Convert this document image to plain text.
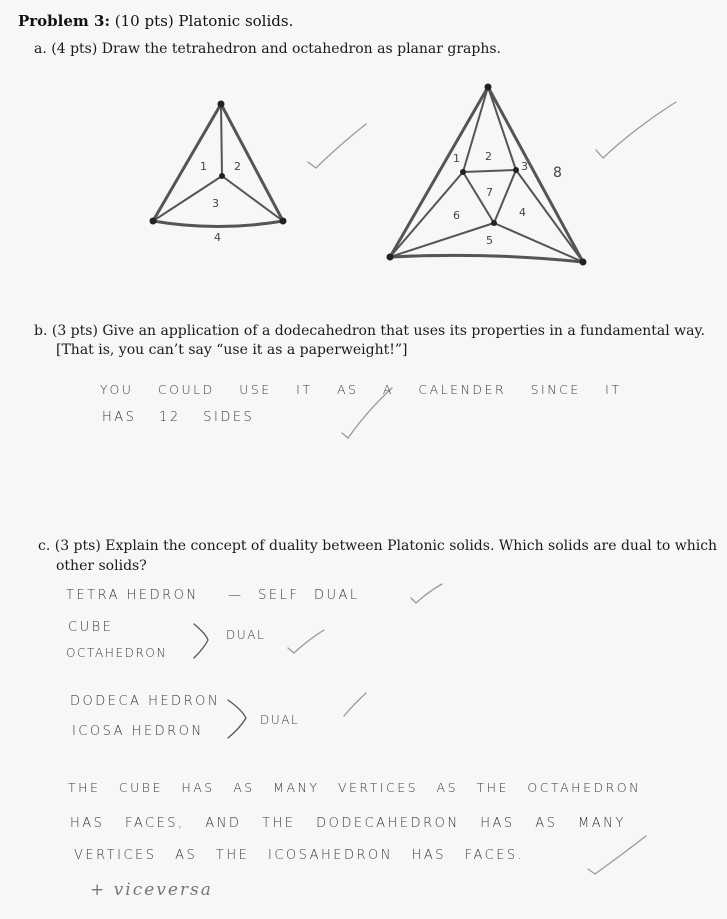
Problem 3: (10 pts) Platonic solids.
a. (4 pts) Draw the tetrahedron and octahedron as planar graphs.
1 2
3
4
1 2
3
4
5
6
7
8
b. (3 pts) Give an application of a dodecahedron that uses its properties in a fundamental way.
[That is, you can’t say “use it as a paperweight!”]
YOU COULD USE IT AS A CALENDER SINCE IT
HAS 12 SIDES
c. (3 pts) Explain the concept of duality between Platonic solids. Which solids are dual to which
other solids?
TETRA HEDRON — SELF DUAL
CUBE
OCTAHEDRON
DUAL
DODECA HEDRON
ICOSA HEDRON
DUAL
THE CUBE HAS AS MANY VERTICES AS THE OCTAHEDRON
HAS FACES, AND THE DODECAHEDRON HAS AS MANY
VERTICES AS THE ICOSAHEDRON HAS FACES.
+ viceversa
